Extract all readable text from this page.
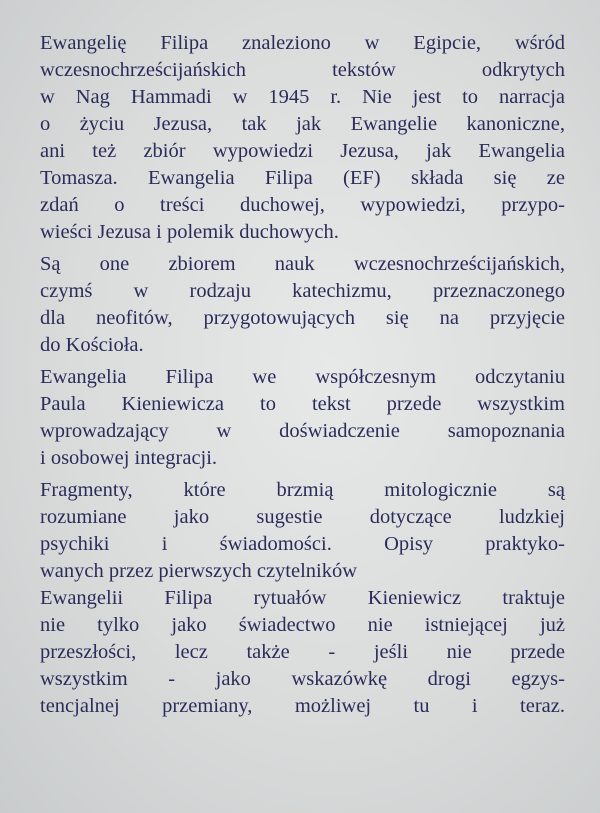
Ewangelię Filipa znaleziono w Egipcie, wśród
wczesnochrześcijańskich tekstów odkrytych
w Nag Hammadi w 1945 r. Nie jest to narracja
o życiu Jezusa, tak jak Ewangelie kanoniczne,
ani też zbiór wypowiedzi Jezusa, jak Ewangelia
Tomasza. Ewangelia Filipa (EF) składa się ze
zdań o treści duchowej, wypowiedzi, przypo-
wieści Jezusa i polemik duchowych.
Są one zbiorem nauk wczesnochrześcijańskich,
czymś w rodzaju katechizmu, przeznaczonego
dla neofitów, przygotowujących się na przyjęcie
do Kościoła.
Ewangelia Filipa we współczesnym odczytaniu
Paula Kieniewicza to tekst przede wszystkim
wprowadzający w doświadczenie samopoznania
i osobowej integracji.
Fragmenty, które brzmią mitologicznie są
rozumiane jako sugestie dotyczące ludzkiej
psychiki i świadomości. Opisy praktyko-
wanych przez pierwszych czytelników
Ewangelii Filipa rytuałów Kieniewicz traktuje
nie tylko jako świadectwo nie istniejącej już
przeszłości, lecz także - jeśli nie przede
wszystkim - jako wskazówkę drogi egzys-
tencjalnej przemiany, możliwej tu i teraz.
